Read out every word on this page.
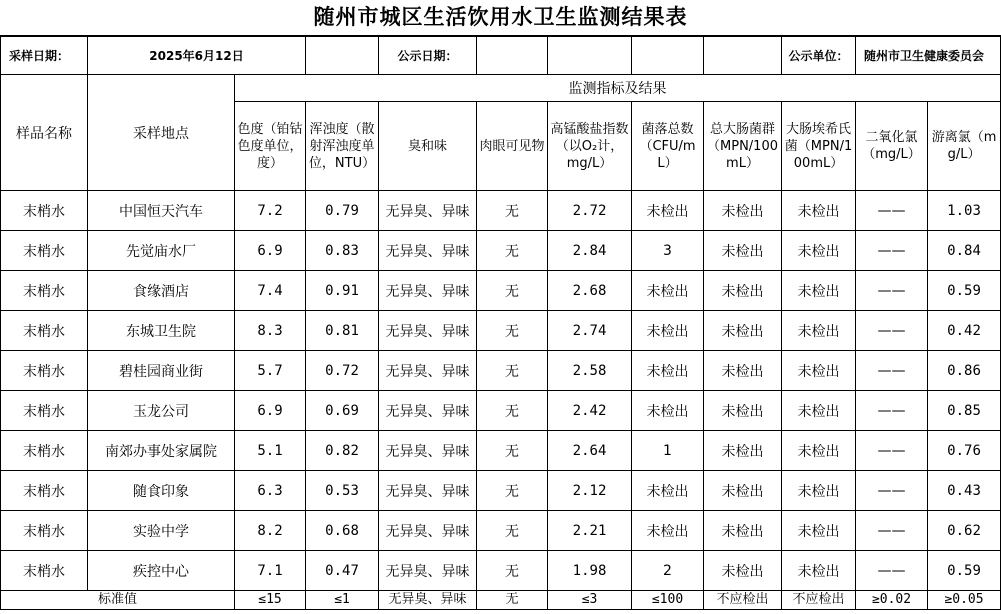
随州市城区生活饮用水卫生监测结果表
采样日期：	2025年6月12日			公示日期：					公示单位：	随州市卫生健康委员会	
样品名称	采样地点	监测指标及结果									
		色度（铂钴色度单位，度）	浑浊度（散射浑浊度单位，NTU）	臭和味	肉眼可见物	高锰酸盐指数（以O₂计，mg/L）	菌落总数（CFU/mL）	总大肠菌群（MPN/100mL）	大肠埃希氏菌（MPN/100mL）	二氧化氯（mg/L）	游离氯（mg/L）
末梢水	中国恒天汽车	7.2	0.79	无异臭、异味	无	2.72	未检出	未检出	未检出	——	1.03
末梢水	先觉庙水厂	6.9	0.83	无异臭、异味	无	2.84	3	未检出	未检出	——	0.84
末梢水	食缘酒店	7.4	0.91	无异臭、异味	无	2.68	未检出	未检出	未检出	——	0.59
末梢水	东城卫生院	8.3	0.81	无异臭、异味	无	2.74	未检出	未检出	未检出	——	0.42
末梢水	碧桂园商业街	5.7	0.72	无异臭、异味	无	2.58	未检出	未检出	未检出	——	0.86
末梢水	玉龙公司	6.9	0.69	无异臭、异味	无	2.42	未检出	未检出	未检出	——	0.85
末梢水	南郊办事处家属院	5.1	0.82	无异臭、异味	无	2.64	1	未检出	未检出	——	0.76
末梢水	随食印象	6.3	0.53	无异臭、异味	无	2.12	未检出	未检出	未检出	——	0.43
末梢水	实验中学	8.2	0.68	无异臭、异味	无	2.21	未检出	未检出	未检出	——	0.62
末梢水	疾控中心	7.1	0.47	无异臭、异味	无	1.98	2	未检出	未检出	——	0.59
标准值		≤15	≤1	无异臭、异味	无	≤3	≤100	不应检出	不应检出	≥0.02	≥0.05
